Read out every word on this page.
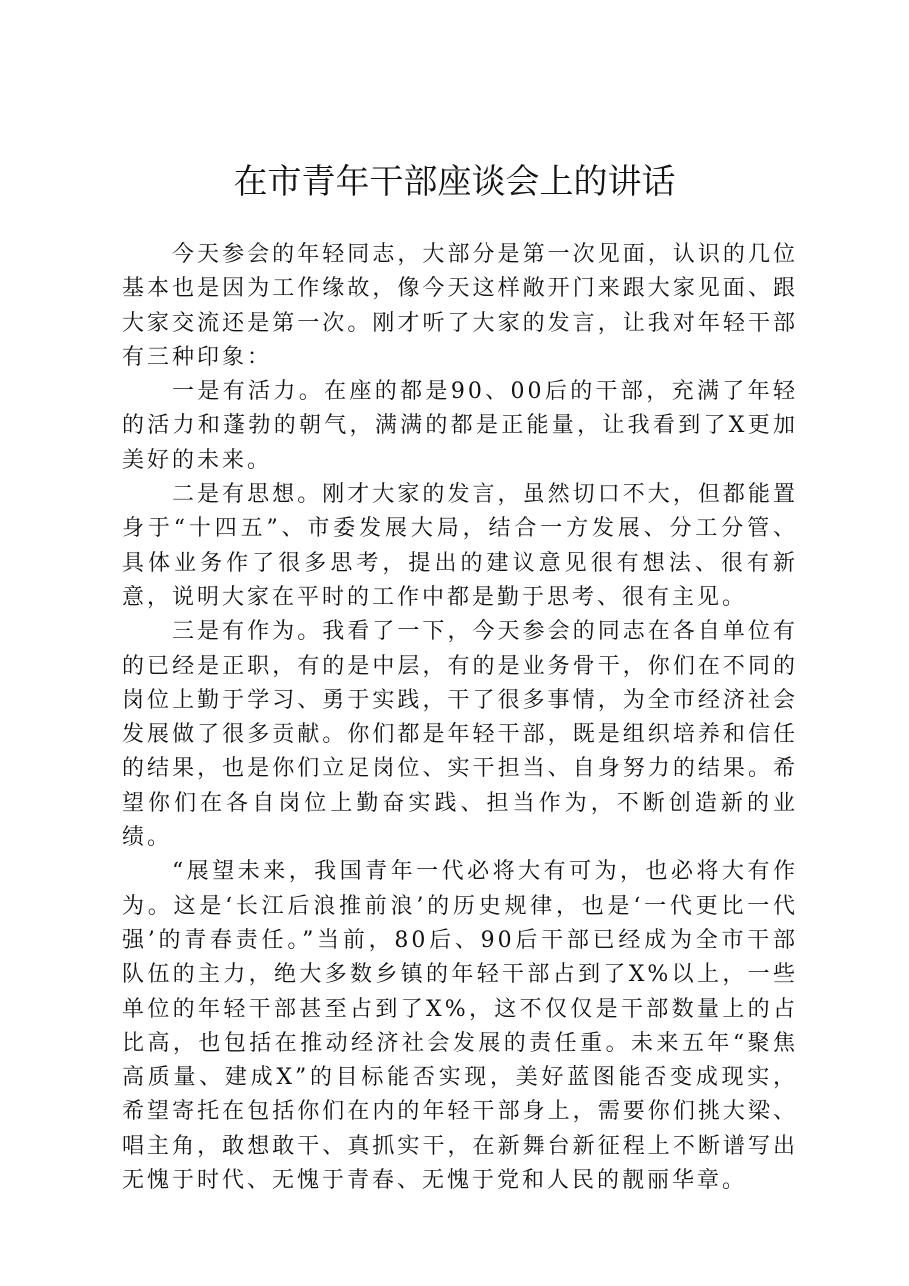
在市青年干部座谈会上的讲话

今天参会的年轻同志，大部分是第一次见面，认识的几位基本也是因为工作缘故，像今天这样敞开门来跟大家见面、跟大家交流还是第一次。刚才听了大家的发言，让我对年轻干部有三种印象：

一是有活力。在座的都是90、00后的干部，充满了年轻的活力和蓬勃的朝气，满满的都是正能量，让我看到了X更加美好的未来。

二是有思想。刚才大家的发言，虽然切口不大，但都能置身于“十四五”、市委发展大局，结合一方发展、分工分管、具体业务作了很多思考，提出的建议意见很有想法、很有新意，说明大家在平时的工作中都是勤于思考、很有主见。

三是有作为。我看了一下，今天参会的同志在各自单位有的已经是正职，有的是中层，有的是业务骨干，你们在不同的岗位上勤于学习、勇于实践，干了很多事情，为全市经济社会发展做了很多贡献。你们都是年轻干部，既是组织培养和信任的结果，也是你们立足岗位、实干担当、自身努力的结果。希望你们在各自岗位上勤奋实践、担当作为，不断创造新的业绩。

“展望未来，我国青年一代必将大有可为，也必将大有作为。这是‘长江后浪推前浪’的历史规律，也是‘一代更比一代强’的青春责任。”当前，80后、90后干部已经成为全市干部队伍的主力，绝大多数乡镇的年轻干部占到了X%以上，一些单位的年轻干部甚至占到了X%，这不仅仅是干部数量上的占比高，也包括在推动经济社会发展的责任重。未来五年“聚焦高质量、建成X”的目标能否实现，美好蓝图能否变成现实，希望寄托在包括你们在内的年轻干部身上，需要你们挑大梁、唱主角，敢想敢干、真抓实干，在新舞台新征程上不断谱写出无愧于时代、无愧于青春、无愧于党和人民的靓丽华章。
